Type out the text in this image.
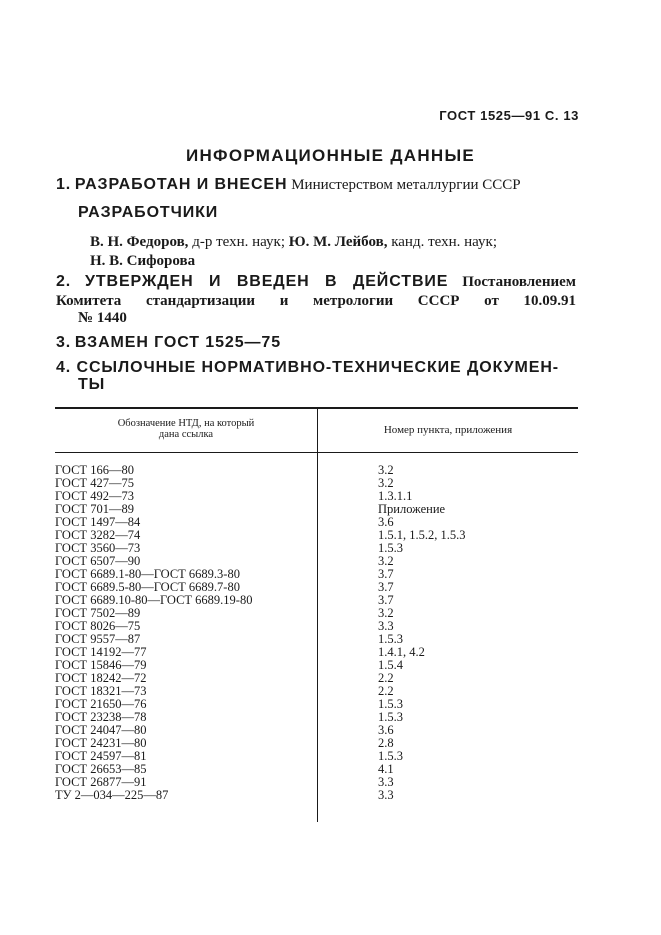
ГОСТ 1525—91 С. 13
ИНФОРМАЦИОННЫЕ ДАННЫЕ
1. РАЗРАБОТАН И ВНЕСЕН Министерством металлургии СССР
РАЗРАБОТЧИКИ
В. Н. Федоров, д-р техн. наук; Ю. М. Лейбов, канд. техн. наук;
Н. В. Сифорова
2. УТВЕРЖДЕН И ВВЕДЕН В ДЕЙСТВИЕ Постановлением Комитета стандартизации и метрологии СССР от 10.09.91
№ 1440
3. ВЗАМЕН ГОСТ 1525—75
4. ССЫЛОЧНЫЕ НОРМАТИВНО-ТЕХНИЧЕСКИЕ ДОКУМЕН-
ТЫ
Обозначение НТД, на который
дана ссылка	Номер пункта, приложения
ГОСТ 166—80	3.2
ГОСТ 427—75	3.2
ГОСТ 492—73	1.3.1.1
ГОСТ 701—89	Приложение
ГОСТ 1497—84	3.6
ГОСТ 3282—74	1.5.1, 1.5.2, 1.5.3
ГОСТ 3560—73	1.5.3
ГОСТ 6507—90	3.2
ГОСТ 6689.1-80—ГОСТ 6689.3-80	3.7
ГОСТ 6689.5-80—ГОСТ 6689.7-80	3.7
ГОСТ 6689.10-80—ГОСТ 6689.19-80	3.7
ГОСТ 7502—89	3.2
ГОСТ 8026—75	3.3
ГОСТ 9557—87	1.5.3
ГОСТ 14192—77	1.4.1, 4.2
ГОСТ 15846—79	1.5.4
ГОСТ 18242—72	2.2
ГОСТ 18321—73	2.2
ГОСТ 21650—76	1.5.3
ГОСТ 23238—78	1.5.3
ГОСТ 24047—80	3.6
ГОСТ 24231—80	2.8
ГОСТ 24597—81	1.5.3
ГОСТ 26653—85	4.1
ГОСТ 26877—91	3.3
ТУ 2—034—225—87	3.3
